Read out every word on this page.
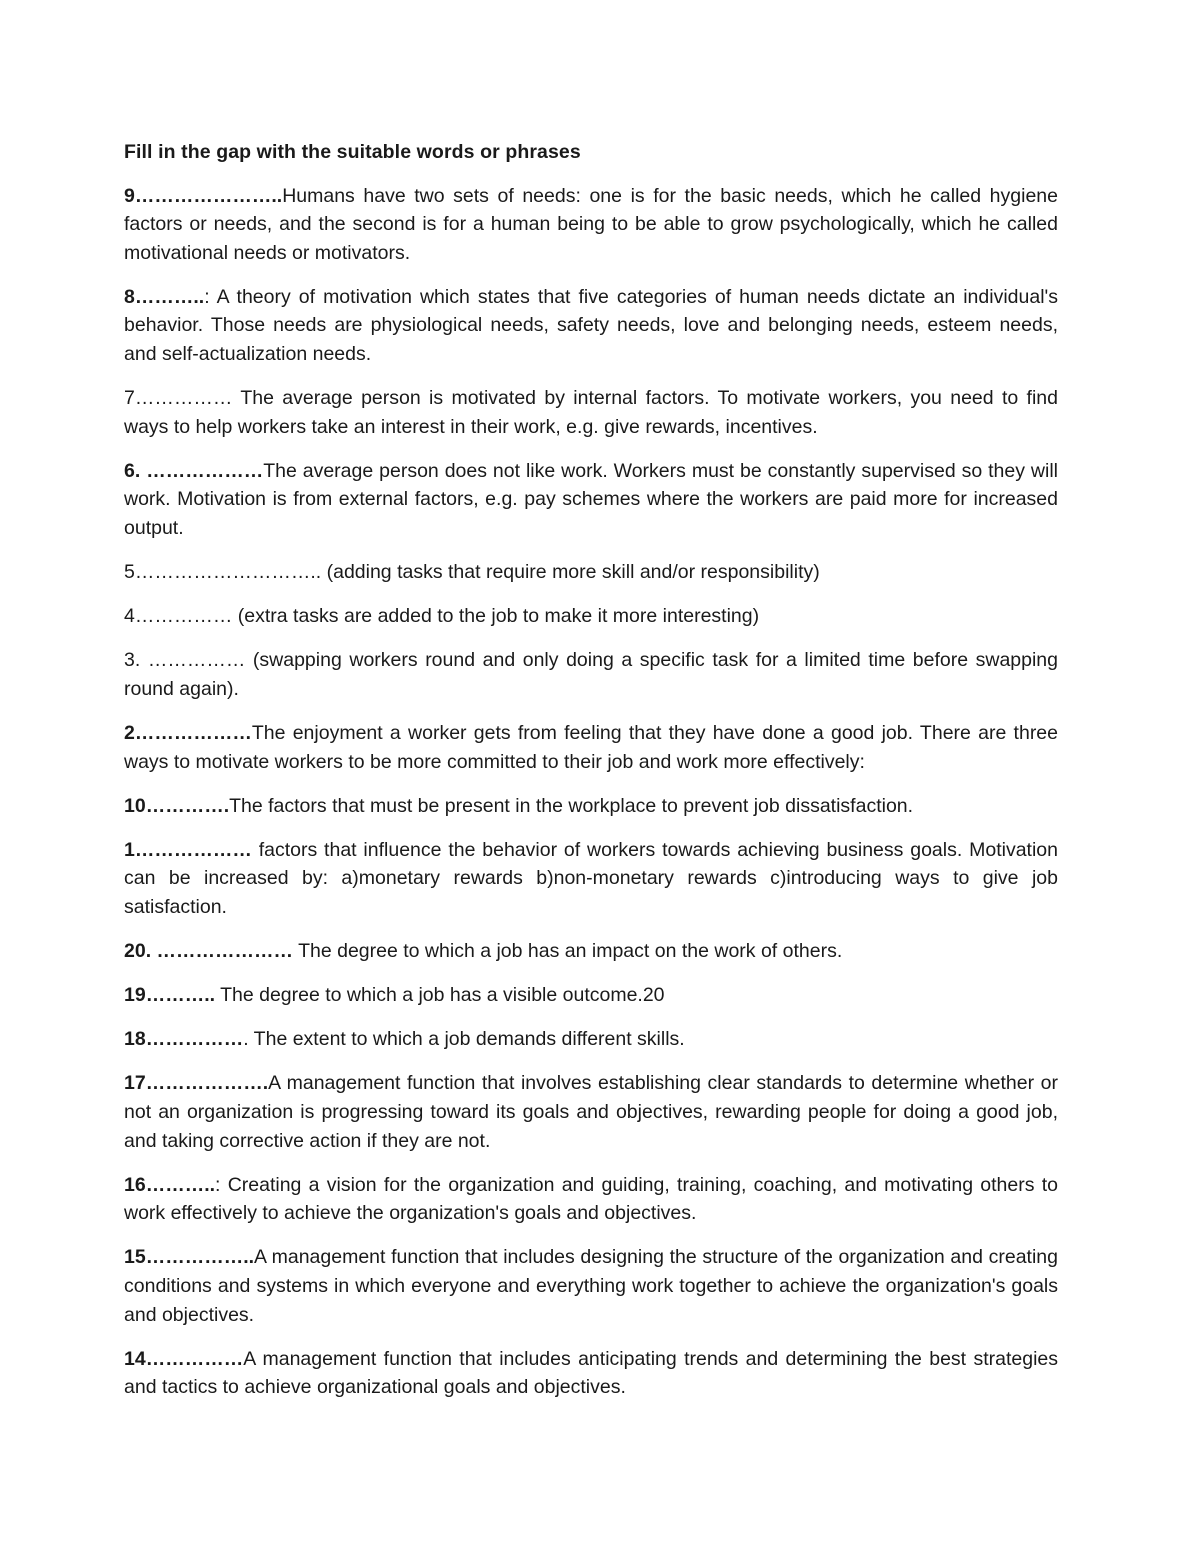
Fill in the gap with the suitable words or phrases

9…………………..Humans have two sets of needs: one is for the basic needs, which he called hygiene factors or needs, and the second is for a human being to be able to grow psychologically, which he called motivational needs or motivators.

8………..: A theory of motivation which states that five categories of human needs dictate an individual's behavior. Those needs are physiological needs, safety needs, love and belonging needs, esteem needs, and self-actualization needs.

7…………… The average person is motivated by internal factors. To motivate workers, you need to find ways to help workers take an interest in their work, e.g. give rewards, incentives.

6. ………………The average person does not like work. Workers must be constantly supervised so they will work. Motivation is from external factors, e.g. pay schemes where the workers are paid more for increased output.

5……………………….. (adding tasks that require more skill and/or responsibility)

4…………… (extra tasks are added to the job to make it more interesting)

3. …………… (swapping workers round and only doing a specific task for a limited time before swapping round again).

2………………The enjoyment a worker gets from feeling that they have done a good job. There are three ways to motivate workers to be more committed to their job and work more effectively:

10………….The factors that must be present in the workplace to prevent job dissatisfaction.

1……………… factors that influence the behavior of workers towards achieving business goals. Motivation can be increased by: a)monetary rewards b)non-monetary rewards c)introducing ways to give job satisfaction.

20. ………………… The degree to which a job has an impact on the work of others.

19……….. The degree to which a job has a visible outcome.20

18……………. The extent to which a job demands different skills.

17……………….A management function that involves establishing clear standards to determine whether or not an organization is progressing toward its goals and objectives, rewarding people for doing a good job, and taking corrective action if they are not.

16………..: Creating a vision for the organization and guiding, training, coaching, and motivating others to work effectively to achieve the organization's goals and objectives.

15……………..A management function that includes designing the structure of the organization and creating conditions and systems in which everyone and everything work together to achieve the organization's goals and objectives.

14……………A management function that includes anticipating trends and determining the best strategies and tactics to achieve organizational goals and objectives.
